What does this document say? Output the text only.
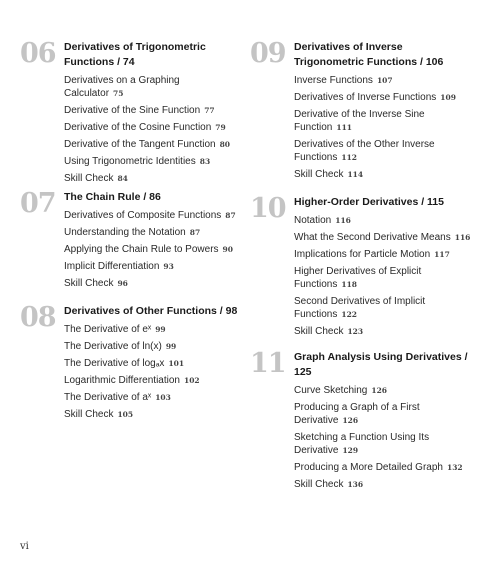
06 Derivatives of Trigonometric Functions / 74
Derivatives on a Graphing Calculator 75
Derivative of the Sine Function 77
Derivative of the Cosine Function 79
Derivative of the Tangent Function 80
Using Trigonometric Identities 83
Skill Check 84
07 The Chain Rule / 86
Derivatives of Composite Functions 87
Understanding the Notation 87
Applying the Chain Rule to Powers 90
Implicit Differentiation 93
Skill Check 96
08 Derivatives of Other Functions / 98
The Derivative of eˣ 99
The Derivative of ln(x) 99
The Derivative of logₐx 101
Logarithmic Differentiation 102
The Derivative of aˣ 103
Skill Check 105
09 Derivatives of Inverse Trigonometric Functions / 106
Inverse Functions 107
Derivatives of Inverse Functions 109
Derivative of the Inverse Sine Function 111
Derivatives of the Other Inverse Functions 112
Skill Check 114
10 Higher-Order Derivatives / 115
Notation 116
What the Second Derivative Means 116
Implications for Particle Motion 117
Higher Derivatives of Explicit Functions 118
Second Derivatives of Implicit Functions 122
Skill Check 123
11 Graph Analysis Using Derivatives / 125
Curve Sketching 126
Producing a Graph of a First Derivative 126
Sketching a Function Using Its Derivative 129
Producing a More Detailed Graph 132
Skill Check 136
vi
